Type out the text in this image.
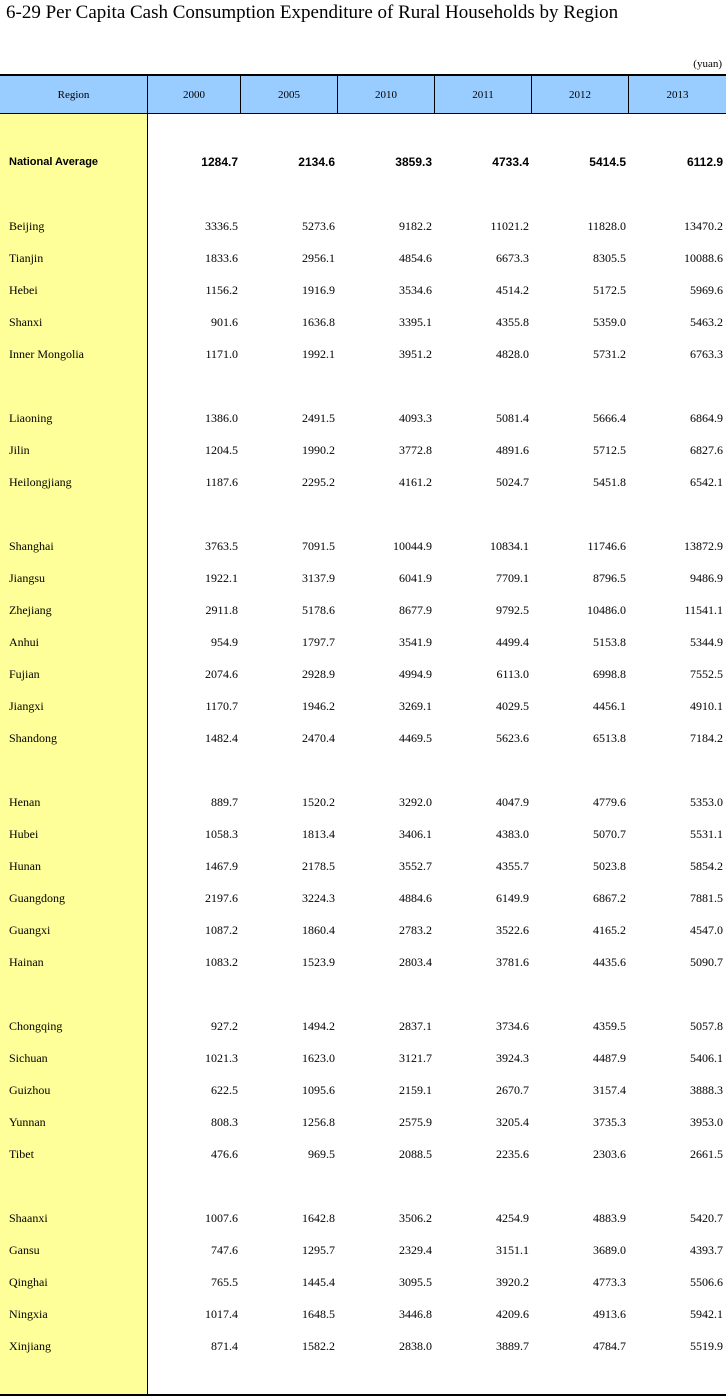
6-29 Per Capita Cash Consumption Expenditure of Rural Households by Region
(yuan)
Region	2000	2005	2010	2011	2012	2013
National Average	1284.7	2134.6	3859.3	4733.4	5414.5	6112.9
Beijing	3336.5	5273.6	9182.2	11021.2	11828.0	13470.2
Tianjin	1833.6	2956.1	4854.6	6673.3	8305.5	10088.6
Hebei	1156.2	1916.9	3534.6	4514.2	5172.5	5969.6
Shanxi	901.6	1636.8	3395.1	4355.8	5359.0	5463.2
Inner Mongolia	1171.0	1992.1	3951.2	4828.0	5731.2	6763.3
Liaoning	1386.0	2491.5	4093.3	5081.4	5666.4	6864.9
Jilin	1204.5	1990.2	3772.8	4891.6	5712.5	6827.6
Heilongjiang	1187.6	2295.2	4161.2	5024.7	5451.8	6542.1
Shanghai	3763.5	7091.5	10044.9	10834.1	11746.6	13872.9
Jiangsu	1922.1	3137.9	6041.9	7709.1	8796.5	9486.9
Zhejiang	2911.8	5178.6	8677.9	9792.5	10486.0	11541.1
Anhui	954.9	1797.7	3541.9	4499.4	5153.8	5344.9
Fujian	2074.6	2928.9	4994.9	6113.0	6998.8	7552.5
Jiangxi	1170.7	1946.2	3269.1	4029.5	4456.1	4910.1
Shandong	1482.4	2470.4	4469.5	5623.6	6513.8	7184.2
Henan	889.7	1520.2	3292.0	4047.9	4779.6	5353.0
Hubei	1058.3	1813.4	3406.1	4383.0	5070.7	5531.1
Hunan	1467.9	2178.5	3552.7	4355.7	5023.8	5854.2
Guangdong	2197.6	3224.3	4884.6	6149.9	6867.2	7881.5
Guangxi	1087.2	1860.4	2783.2	3522.6	4165.2	4547.0
Hainan	1083.2	1523.9	2803.4	3781.6	4435.6	5090.7
Chongqing	927.2	1494.2	2837.1	3734.6	4359.5	5057.8
Sichuan	1021.3	1623.0	3121.7	3924.3	4487.9	5406.1
Guizhou	622.5	1095.6	2159.1	2670.7	3157.4	3888.3
Yunnan	808.3	1256.8	2575.9	3205.4	3735.3	3953.0
Tibet	476.6	969.5	2088.5	2235.6	2303.6	2661.5
Shaanxi	1007.6	1642.8	3506.2	4254.9	4883.9	5420.7
Gansu	747.6	1295.7	2329.4	3151.1	3689.0	4393.7
Qinghai	765.5	1445.4	3095.5	3920.2	4773.3	5506.6
Ningxia	1017.4	1648.5	3446.8	4209.6	4913.6	5942.1
Xinjiang	871.4	1582.2	2838.0	3889.7	4784.7	5519.9
